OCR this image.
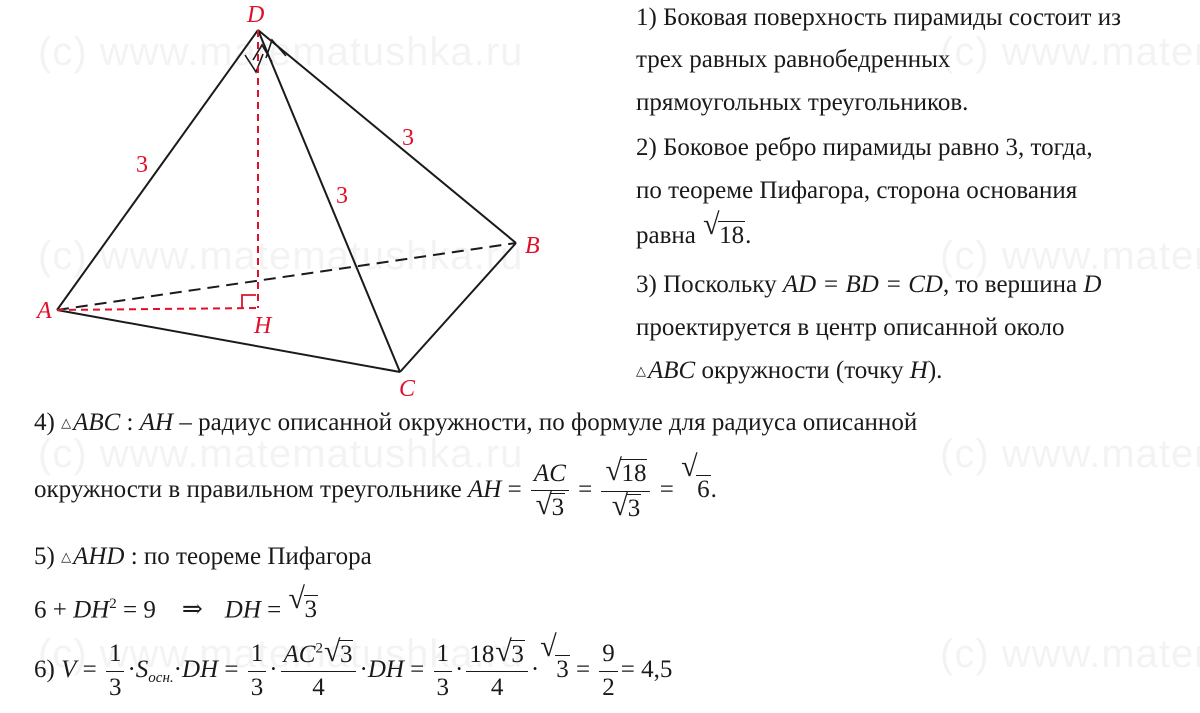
D
A
B
C
H
3
3
3
1) Боковая поверхность пирамиды состоит из
трех равных равнобедренных
прямоугольных треугольников.
2) Боковое ребро пирамиды равно 3, тогда,
по теореме Пифагора, сторона основания
равна √ 18.
3) Поскольку AD = BD = CD, то вершина D
проектируется в центр описанной около
△ABC окружности (точку H).
4) △ABC : AH – радиус описанной окружности, по формуле для радиуса описанной
окружности в правильном треугольнике AH = $\frac{AC}{√ 3} = \frac{√ 18}{√ 3}$ =
√
6.
5) △AHD : по теореме Пифагора
$6 + DH^2 = 9$ ⇒ DH = √ 3
6) $V = \frac{1}{3} \cdot S_{осн.}\cdot DH = \frac{1}{3} \cdot \frac{AC^2 √ 3}{4} \cdot DH = \frac{1}{3} \cdot \frac{18 √ 3}{4}$ ·
√
$3 = \frac{9}{2} = 4,5$
